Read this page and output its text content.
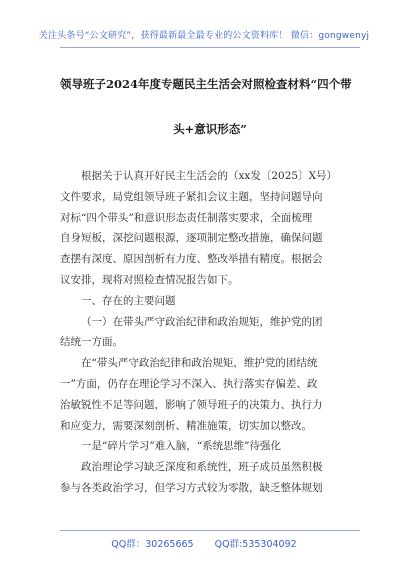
关注头条号“公文研究”，获得最新最全最专业的公文资料库！ 微信：gongwenyj
领导班子2024年度专题民主生活会对照检查材料“四个带
头+意识形态”
根据关于认真开好民主生活会的（xx发〔2025〕X号）
文件要求，局党组领导班子紧扣会议主题，坚持问题导向
对标“四个带头”和意识形态责任制落实要求，全面梳理
自身短板，深挖问题根源，逐项制定整改措施，确保问题
查摆有深度、原因剖析有力度、整改举措有精度。根据会
议安排，现将对照检查情况报告如下。
一、存在的主要问题
（一）在带头严守政治纪律和政治规矩，维护党的团
结统一方面。
在“带头严守政治纪律和政治规矩，维护党的团结统
一”方面，仍存在理论学习不深入、执行落实存偏差、政
治敏锐性不足等问题，影响了领导班子的决策力、执行力
和应变力，需要深刻剖析、精准施策，切实加以整改。
一是“碎片学习”难入脑，“系统思维”待强化
政治理论学习缺乏深度和系统性，班子成员虽然积极
参与各类政治学习，但学习方式较为零散，缺乏整体规划
QQ群：30265665 QQ群:535304092
